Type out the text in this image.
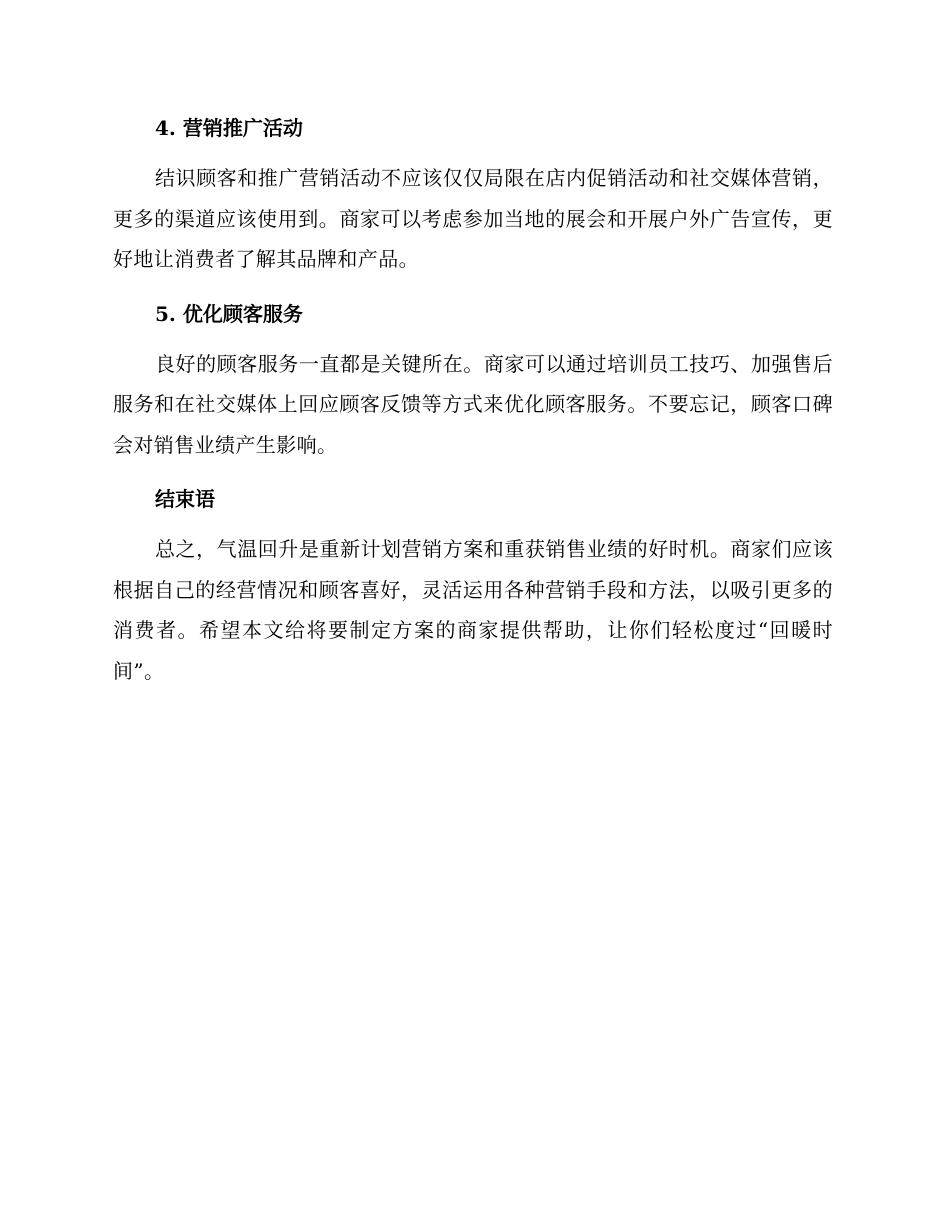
4. 营销推广活动

结识顾客和推广营销活动不应该仅仅局限在店内促销活动和社交媒体营销，更多的渠道应该使用到。商家可以考虑参加当地的展会和开展户外广告宣传，更好地让消费者了解其品牌和产品。

5. 优化顾客服务

良好的顾客服务一直都是关键所在。商家可以通过培训员工技巧、加强售后服务和在社交媒体上回应顾客反馈等方式来优化顾客服务。不要忘记，顾客口碑会对销售业绩产生影响。

结束语

总之，气温回升是重新计划营销方案和重获销售业绩的好时机。商家们应该根据自己的经营情况和顾客喜好，灵活运用各种营销手段和方法，以吸引更多的消费者。希望本文给将要制定方案的商家提供帮助，让你们轻松度过“回暖时间”。
